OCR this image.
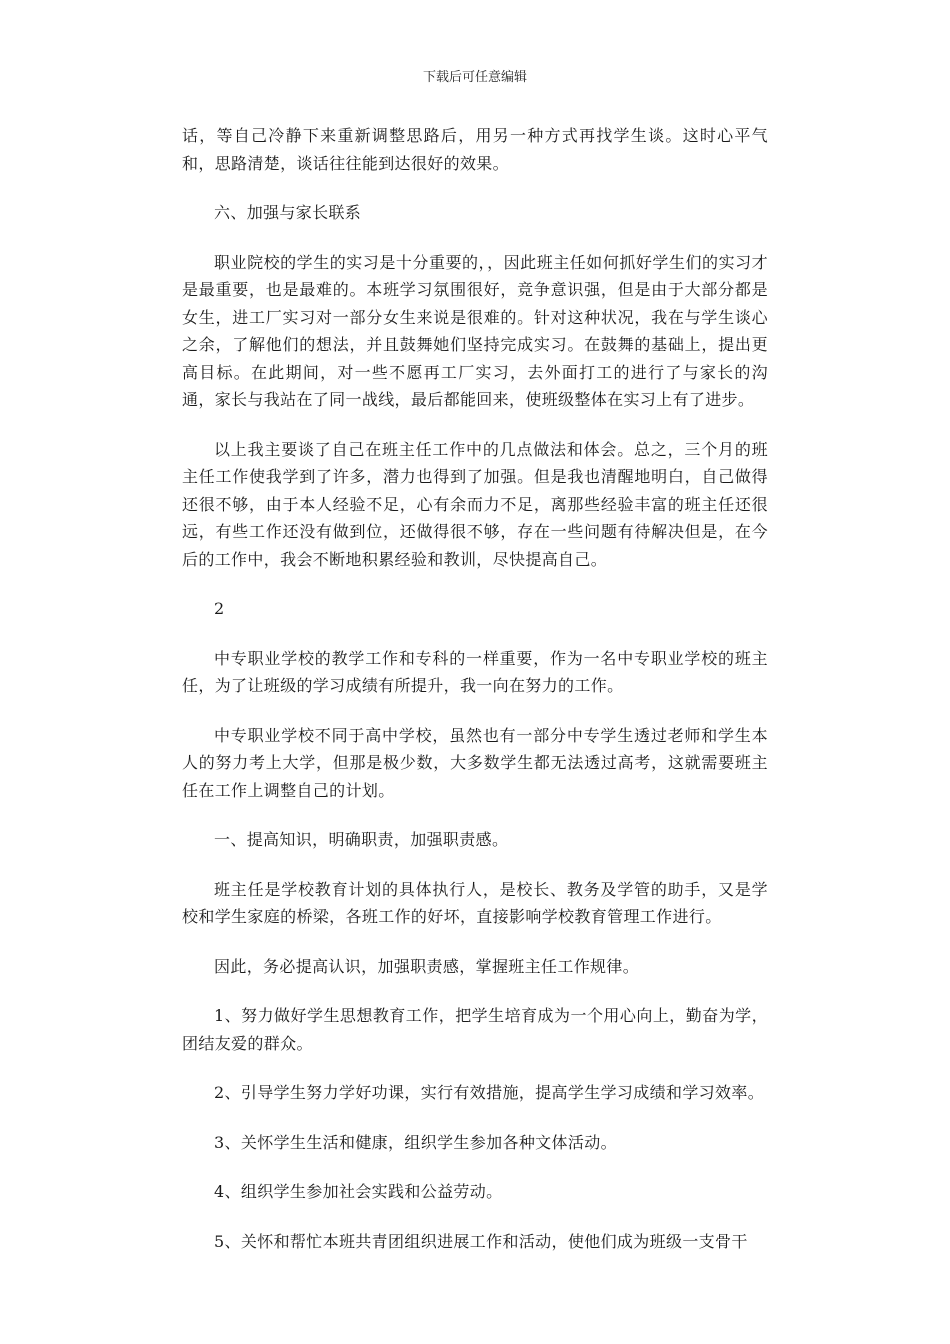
下载后可任意编辑

话，等自己冷静下来重新调整思路后，用另一种方式再找学生谈。这时心平气和，思路清楚，谈话往往能到达很好的效果。

六、加强与家长联系

职业院校的学生的实习是十分重要的，，因此班主任如何抓好学生们的实习才是最重要，也是最难的。本班学习氛围很好，竞争意识强，但是由于大部分都是女生，进工厂实习对一部分女生来说是很难的。针对这种状况，我在与学生谈心之余，了解他们的想法，并且鼓舞她们坚持完成实习。在鼓舞的基础上，提出更高目标。在此期间，对一些不愿再工厂实习，去外面打工的进行了与家长的沟通，家长与我站在了同一战线，最后都能回来，使班级整体在实习上有了进步。

以上我主要谈了自己在班主任工作中的几点做法和体会。总之，三个月的班主任工作使我学到了许多，潜力也得到了加强。但是我也清醒地明白，自己做得还很不够，由于本人经验不足，心有余而力不足，离那些经验丰富的班主任还很远，有些工作还没有做到位，还做得很不够，存在一些问题有待解决但是，在今后的工作中，我会不断地积累经验和教训，尽快提高自己。

2

中专职业学校的教学工作和专科的一样重要，作为一名中专职业学校的班主任，为了让班级的学习成绩有所提升，我一向在努力的工作。

中专职业学校不同于高中学校，虽然也有一部分中专学生透过老师和学生本人的努力考上大学，但那是极少数，大多数学生都无法透过高考，这就需要班主任在工作上调整自己的计划。

一、提高知识，明确职责，加强职责感。

班主任是学校教育计划的具体执行人，是校长、教务及学管的助手，又是学校和学生家庭的桥梁，各班工作的好坏，直接影响学校教育管理工作进行。

因此，务必提高认识，加强职责感，掌握班主任工作规律。

1、努力做好学生思想教育工作，把学生培育成为一个用心向上，勤奋为学，团结友爱的群众。

2、引导学生努力学好功课，实行有效措施，提高学生学习成绩和学习效率。

3、关怀学生生活和健康，组织学生参加各种文体活动。

4、组织学生参加社会实践和公益劳动。

5、关怀和帮忙本班共青团组织进展工作和活动，使他们成为班级一支骨干
